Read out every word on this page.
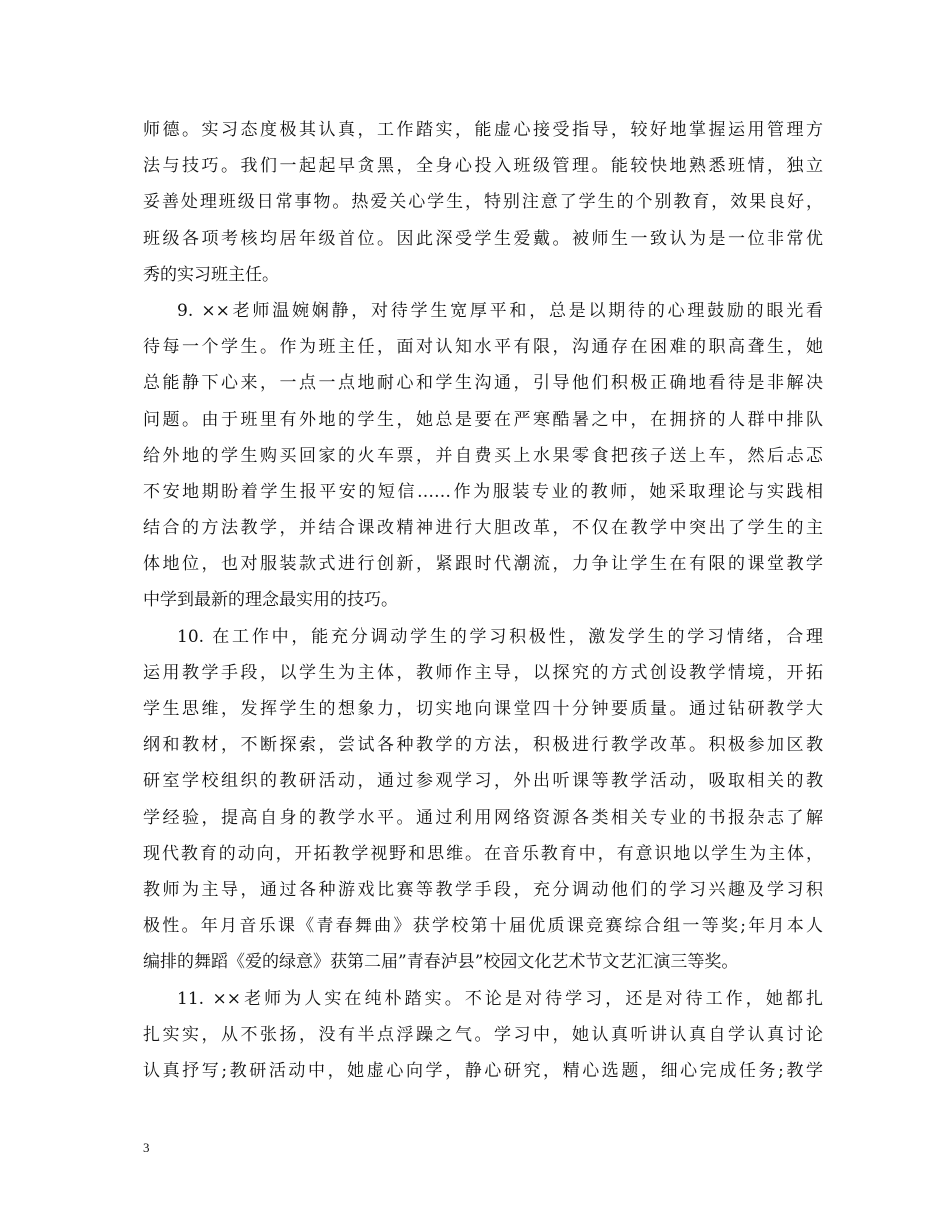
师德。实习态度极其认真，工作踏实，能虚心接受指导，较好地掌握运用管理方
法与技巧。我们一起起早贪黑，全身心投入班级管理。能较快地熟悉班情，独立
妥善处理班级日常事物。热爱关心学生，特别注意了学生的个别教育，效果良好，
班级各项考核均居年级首位。因此深受学生爱戴。被师生一致认为是一位非常优
秀的实习班主任。
9. ××老师温婉娴静，对待学生宽厚平和，总是以期待的心理鼓励的眼光看
待每一个学生。作为班主任，面对认知水平有限，沟通存在困难的职高聋生，她
总能静下心来，一点一点地耐心和学生沟通，引导他们积极正确地看待是非解决
问题。由于班里有外地的学生，她总是要在严寒酷暑之中，在拥挤的人群中排队
给外地的学生购买回家的火车票，并自费买上水果零食把孩子送上车，然后忐忑
不安地期盼着学生报平安的短信……作为服装专业的教师，她采取理论与实践相
结合的方法教学，并结合课改精神进行大胆改革，不仅在教学中突出了学生的主
体地位，也对服装款式进行创新，紧跟时代潮流，力争让学生在有限的课堂教学
中学到最新的理念最实用的技巧。
10. 在工作中，能充分调动学生的学习积极性，激发学生的学习情绪，合理
运用教学手段，以学生为主体，教师作主导，以探究的方式创设教学情境，开拓
学生思维，发挥学生的想象力，切实地向课堂四十分钟要质量。通过钻研教学大
纲和教材，不断探索，尝试各种教学的方法，积极进行教学改革。积极参加区教
研室学校组织的教研活动，通过参观学习，外出听课等教学活动，吸取相关的教
学经验，提高自身的教学水平。通过利用网络资源各类相关专业的书报杂志了解
现代教育的动向，开拓教学视野和思维。在音乐教育中，有意识地以学生为主体，
教师为主导，通过各种游戏比赛等教学手段，充分调动他们的学习兴趣及学习积
极性。年月音乐课《青春舞曲》获学校第十届优质课竞赛综合组一等奖;年月本人
编排的舞蹈《爱的绿意》获第二届”青春泸县”校园文化艺术节文艺汇演三等奖。
11. ××老师为人实在纯朴踏实。不论是对待学习，还是对待工作，她都扎
扎实实，从不张扬，没有半点浮躁之气。学习中，她认真听讲认真自学认真讨论
认真抒写;教研活动中，她虚心向学，静心研究，精心选题，细心完成任务;教学
3
